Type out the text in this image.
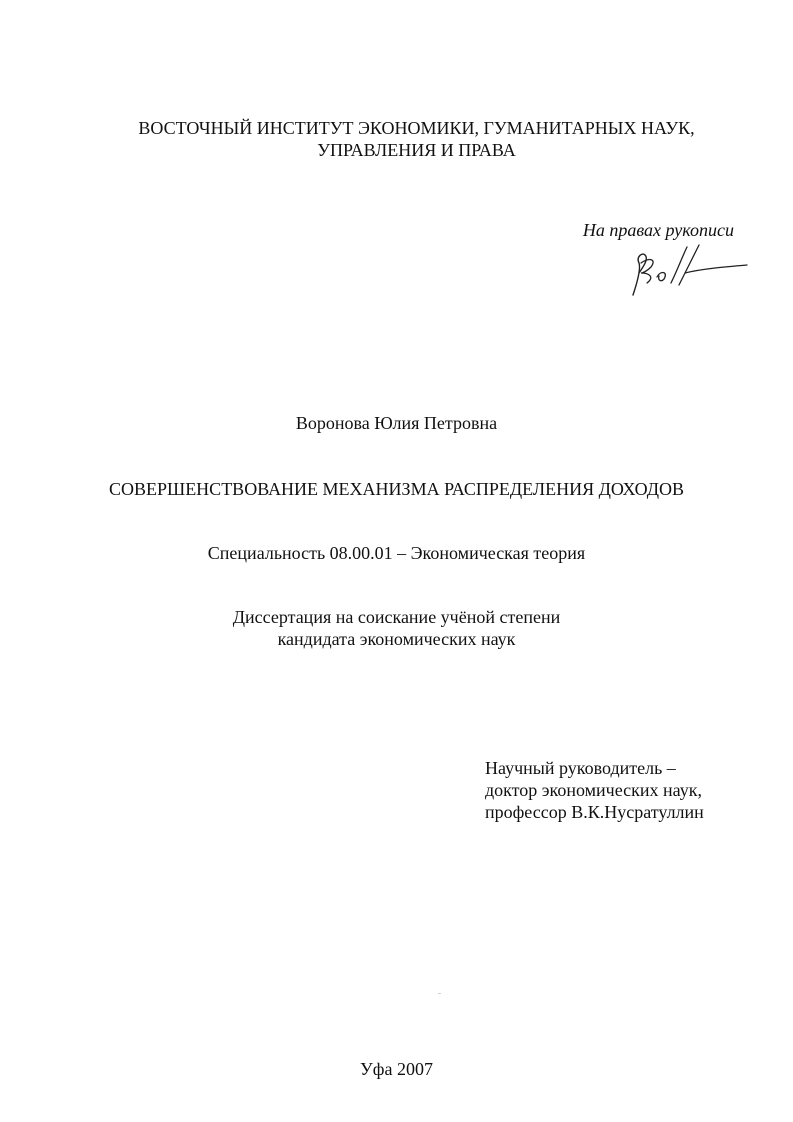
ВОСТОЧНЫЙ ИНСТИТУТ ЭКОНОМИКИ, ГУМАНИТАРНЫХ НАУК,
УПРАВЛЕНИЯ И ПРАВА
На правах рукописи
Воронова Юлия Петровна
СОВЕРШЕНСТВОВАНИЕ МЕХАНИЗМА РАСПРЕДЕЛЕНИЯ ДОХОДОВ
Специальность 08.00.01 – Экономическая теория
Диссертация на соискание учёной степени
кандидата экономических наук
Научный руководитель –
доктор экономических наук,
профессор В.К.Нусратуллин
Уфа 2007
